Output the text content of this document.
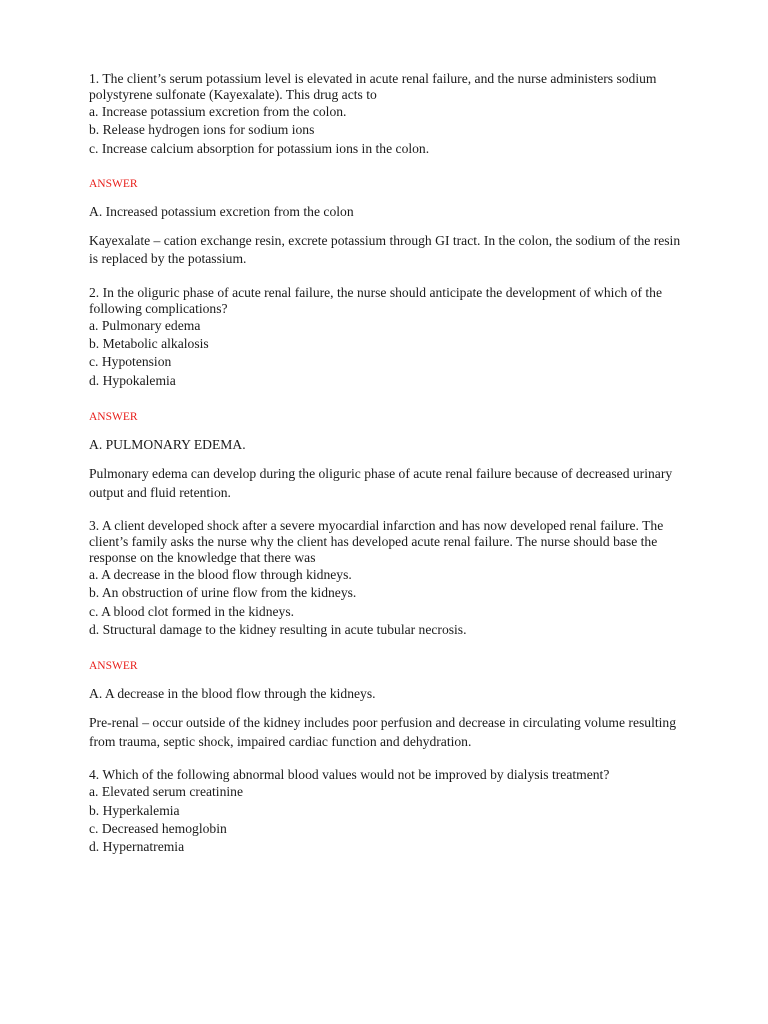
1. The client’s serum potassium level is elevated in acute renal failure, and the nurse administers sodium polystyrene sulfonate (Kayexalate). This drug acts to

a. Increase potassium excretion from the colon.

b. Release hydrogen ions for sodium ions

c. Increase calcium absorption for potassium ions in the colon.

ANSWER

A. Increased potassium excretion from the colon

Kayexalate – cation exchange resin, excrete potassium through GI tract. In the colon, the sodium of the resin is replaced by the potassium.

2. In the oliguric phase of acute renal failure, the nurse should anticipate the development of which of the following complications?

a. Pulmonary edema

b. Metabolic alkalosis

c. Hypotension

d. Hypokalemia

ANSWER

A. PULMONARY EDEMA.

Pulmonary edema can develop during the oliguric phase of acute renal failure because of decreased urinary output and fluid retention.

3. A client developed shock after a severe myocardial infarction and has now developed renal failure. The client’s family asks the nurse why the client has developed acute renal failure. The nurse should base the response on the knowledge that there was

a. A decrease in the blood flow through kidneys.

b. An obstruction of urine flow from the kidneys.

c. A blood clot formed in the kidneys.

d. Structural damage to the kidney resulting in acute tubular necrosis.

ANSWER

A. A decrease in the blood flow through the kidneys.

Pre-renal – occur outside of the kidney includes poor perfusion and decrease in circulating volume resulting from trauma, septic shock, impaired cardiac function and dehydration.

4. Which of the following abnormal blood values would not be improved by dialysis treatment?

a. Elevated serum creatinine

b. Hyperkalemia

c. Decreased hemoglobin

d. Hypernatremia
